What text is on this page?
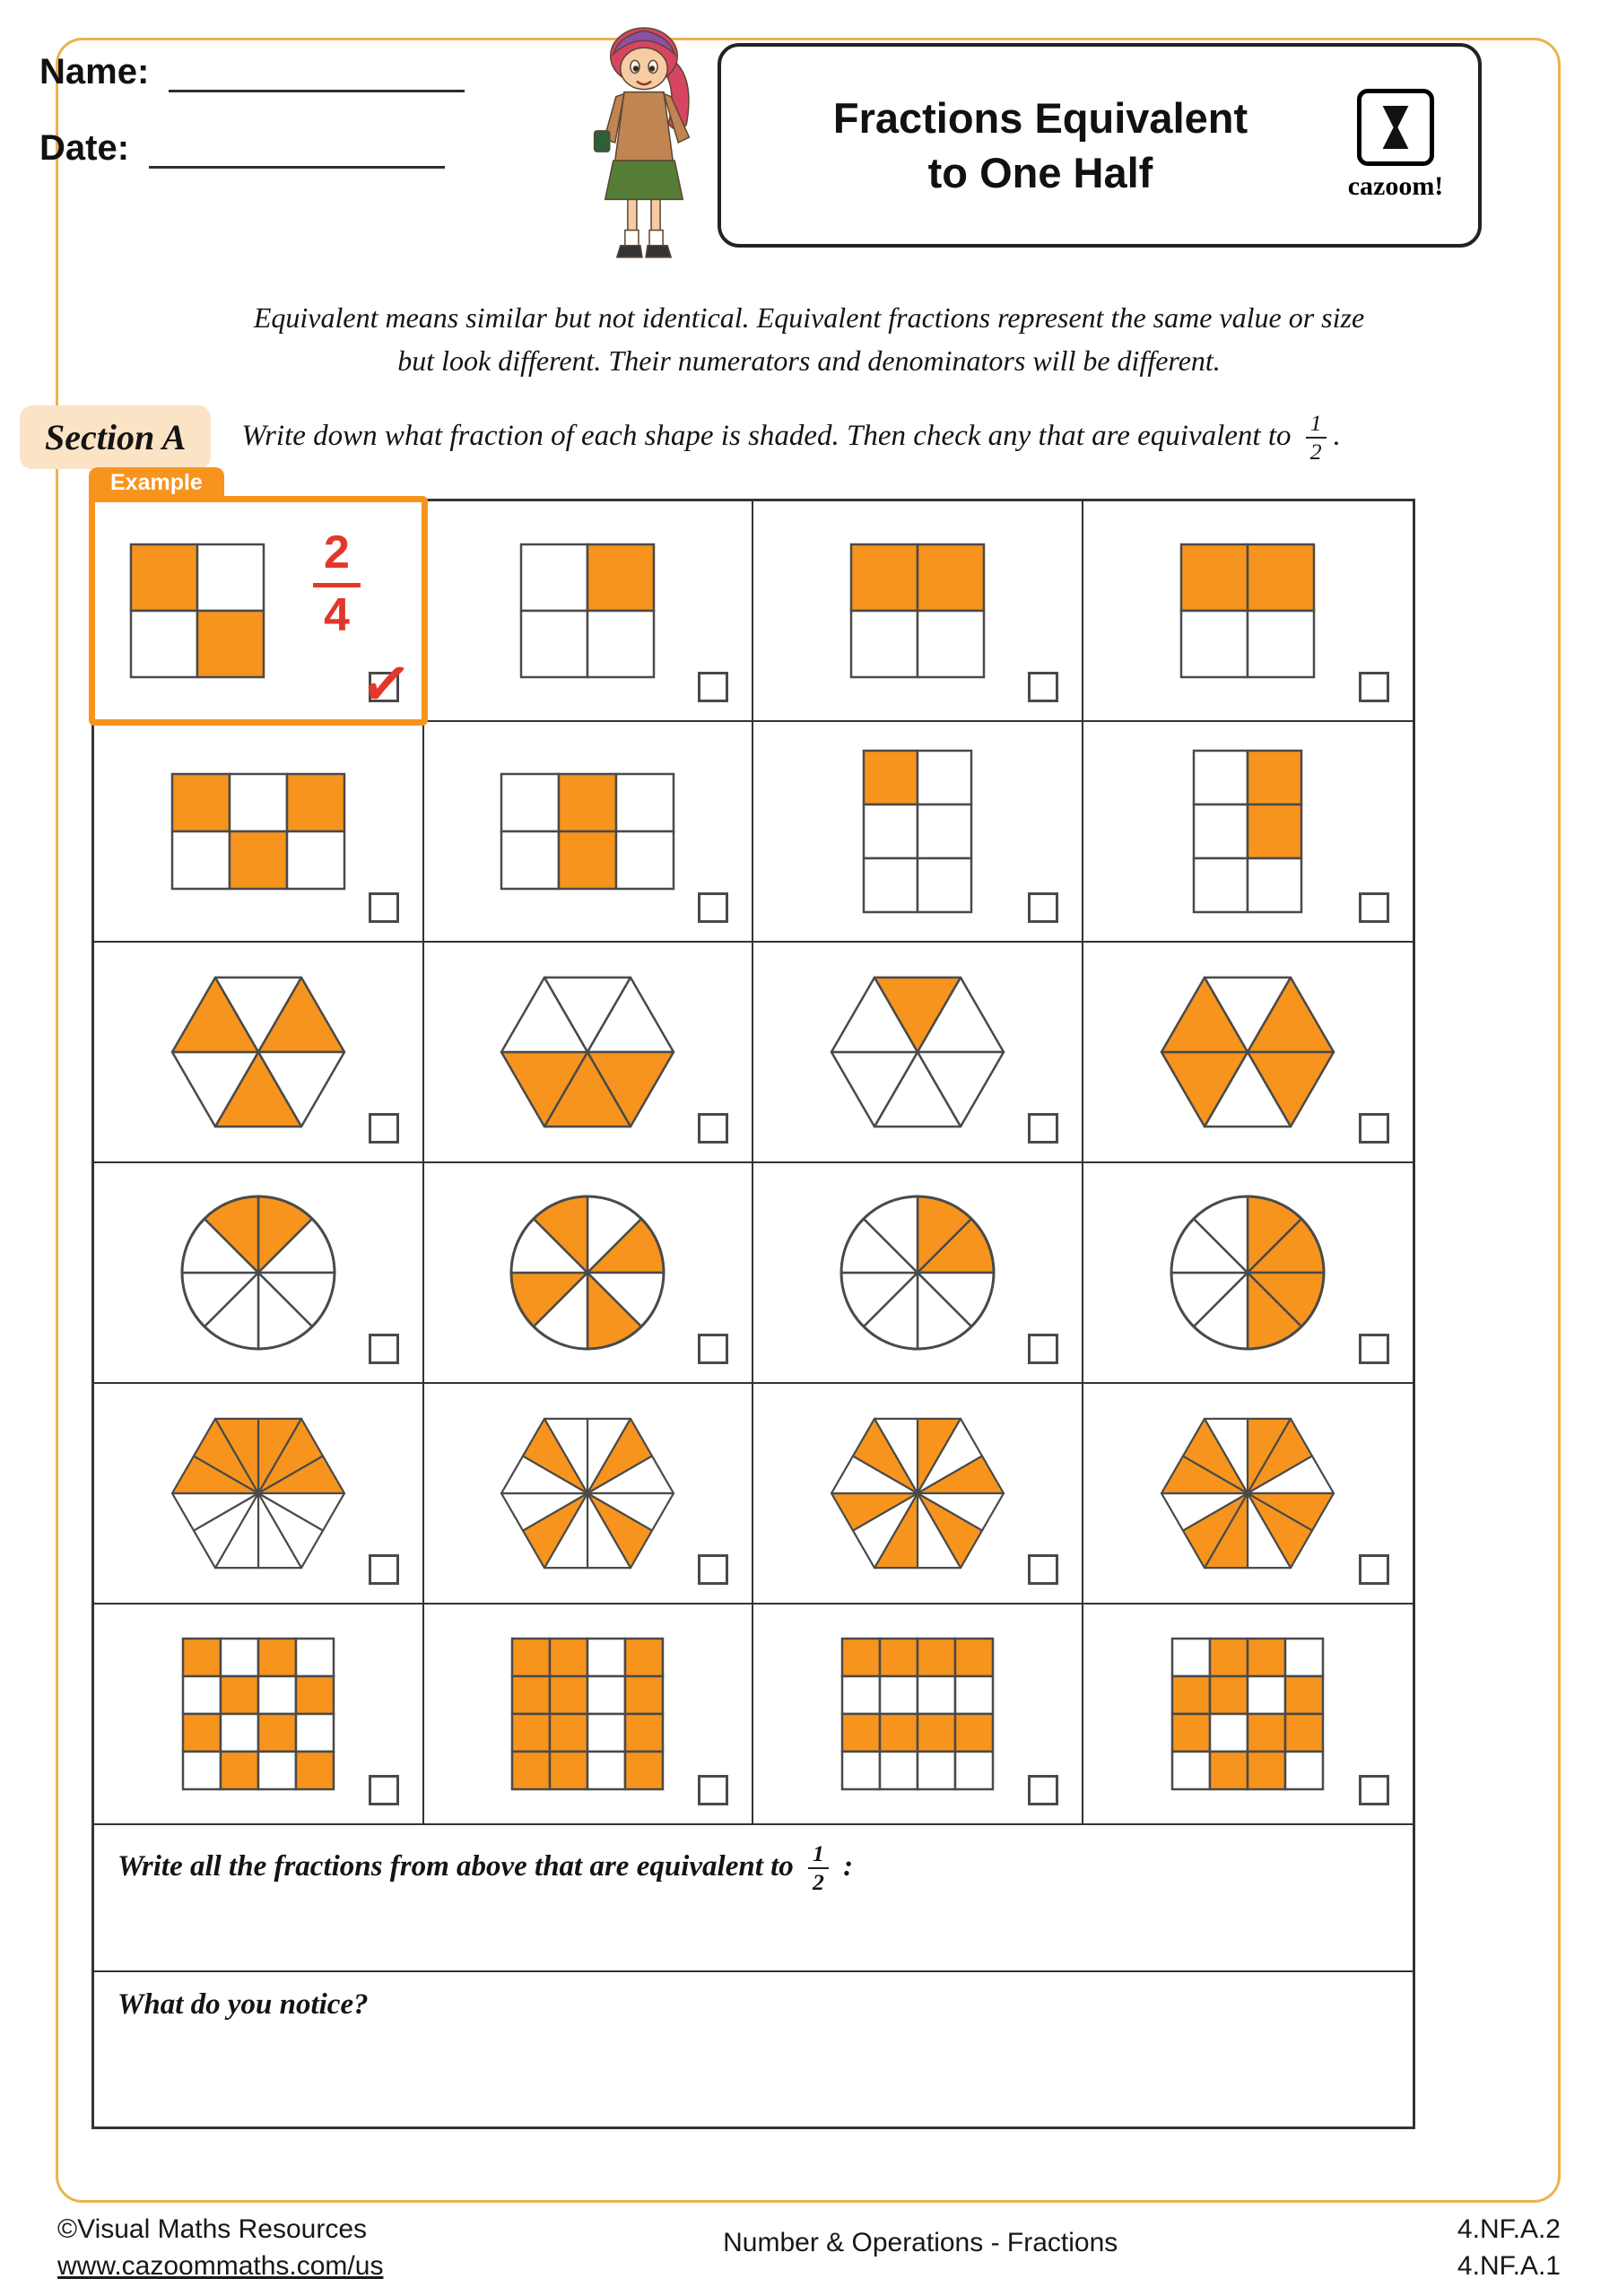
Name:
Date:
Fractions Equivalent
to One Half	cazoom!
Equivalent means similar but not identical. Equivalent fractions represent the same value or size
but look different. Their numerators and denominators will be different.
Section A	Write down what fraction of each shape is shaded. Then check any that are equivalent to $\frac{1}{2}$ .
Example
$\frac{2}{4}$
✓
Write all the fractions from above that are equivalent to $\frac{1}{2}$ :
What do you notice?
©Visual Maths Resources
www.cazoommaths.com/us
Number & Operations - Fractions	4.NF.A.2
4.NF.A.1
